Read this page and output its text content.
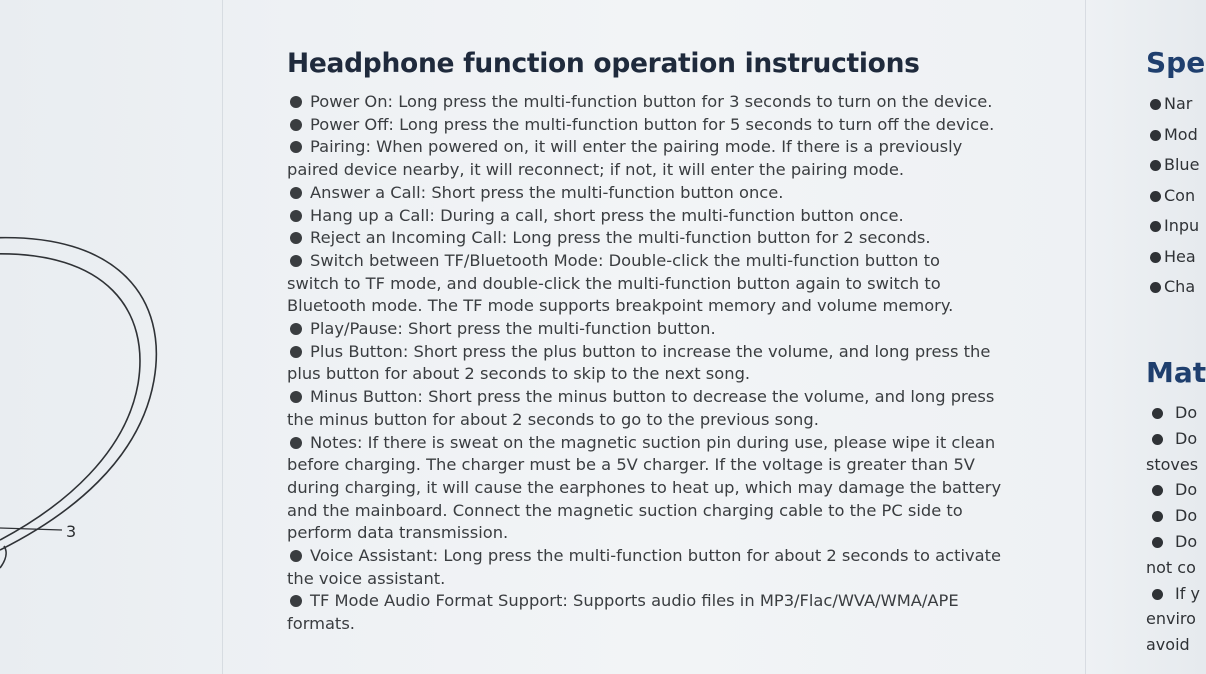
3
Headphone function operation instructions
Power On: Long press the multi-function button for 3 seconds to turn on the device.
Power Off: Long press the multi-function button for 5 seconds to turn off the device.
Pairing: When powered on, it will enter the pairing mode. If there is a previously
paired device nearby, it will reconnect; if not, it will enter the pairing mode.
Answer a Call: Short press the multi-function button once.
Hang up a Call: During a call, short press the multi-function button once.
Reject an Incoming Call: Long press the multi-function button for 2 seconds.
Switch between TF/Bluetooth Mode: Double-click the multi-function button to
switch to TF mode, and double-click the multi-function button again to switch to
Bluetooth mode. The TF mode supports breakpoint memory and volume memory.
Play/Pause: Short press the multi-function button.
Plus Button: Short press the plus button to increase the volume, and long press the
plus button for about 2 seconds to skip to the next song.
Minus Button: Short press the minus button to decrease the volume, and long press
the minus button for about 2 seconds to go to the previous song.
Notes: If there is sweat on the magnetic suction pin during use, please wipe it clean
before charging. The charger must be a 5V charger. If the voltage is greater than 5V
during charging, it will cause the earphones to heat up, which may damage the battery
and the mainboard. Connect the magnetic suction charging cable to the PC side to
perform data transmission.
Voice Assistant: Long press the multi-function button for about 2 seconds to activate
the voice assistant.
TF Mode Audio Format Support: Supports audio files in MP3/Flac/WVA/WMA/APE
formats.
Spe
Mat
Nar
Mod
Blue
Con
Inpu
Hea
Cha
Do
Do
stoves
Do
Do
Do
not co
If y
enviro
avoid
